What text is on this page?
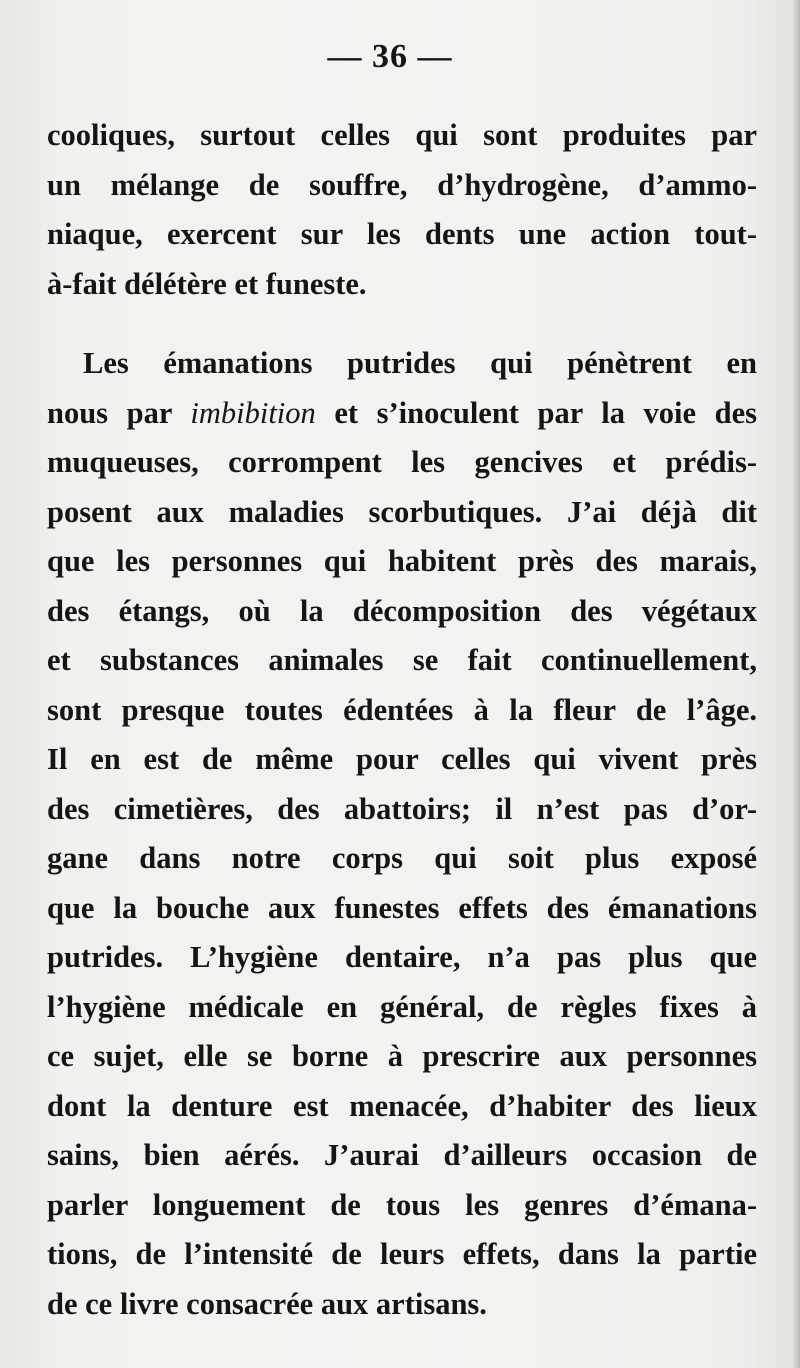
— 36 —

cooliques, surtout celles qui sont produites par
un mélange de souffre, d’hydrogène, d’ammo-
niaque, exercent sur les dents une action tout-
à-fait délétère et funeste.

Les émanations putrides qui pénètrent en
nous par imbibition et s’inoculent par la voie des
muqueuses, corrompent les gencives et prédis-
posent aux maladies scorbutiques. J’ai déjà dit
que les personnes qui habitent près des marais,
des étangs, où la décomposition des végétaux
et substances animales se fait continuellement,
sont presque toutes édentées à la fleur de l’âge.
Il en est de même pour celles qui vivent près
des cimetières, des abattoirs; il n’est pas d’or-
gane dans notre corps qui soit plus exposé
que la bouche aux funestes effets des émanations
putrides. L’hygiène dentaire, n’a pas plus que
l’hygiène médicale en général, de règles fixes à
ce sujet, elle se borne à prescrire aux personnes
dont la denture est menacée, d’habiter des lieux
sains, bien aérés. J’aurai d’ailleurs occasion de
parler longuement de tous les genres d’émana-
tions, de l’intensité de leurs effets, dans la partie
de ce livre consacrée aux artisans.
